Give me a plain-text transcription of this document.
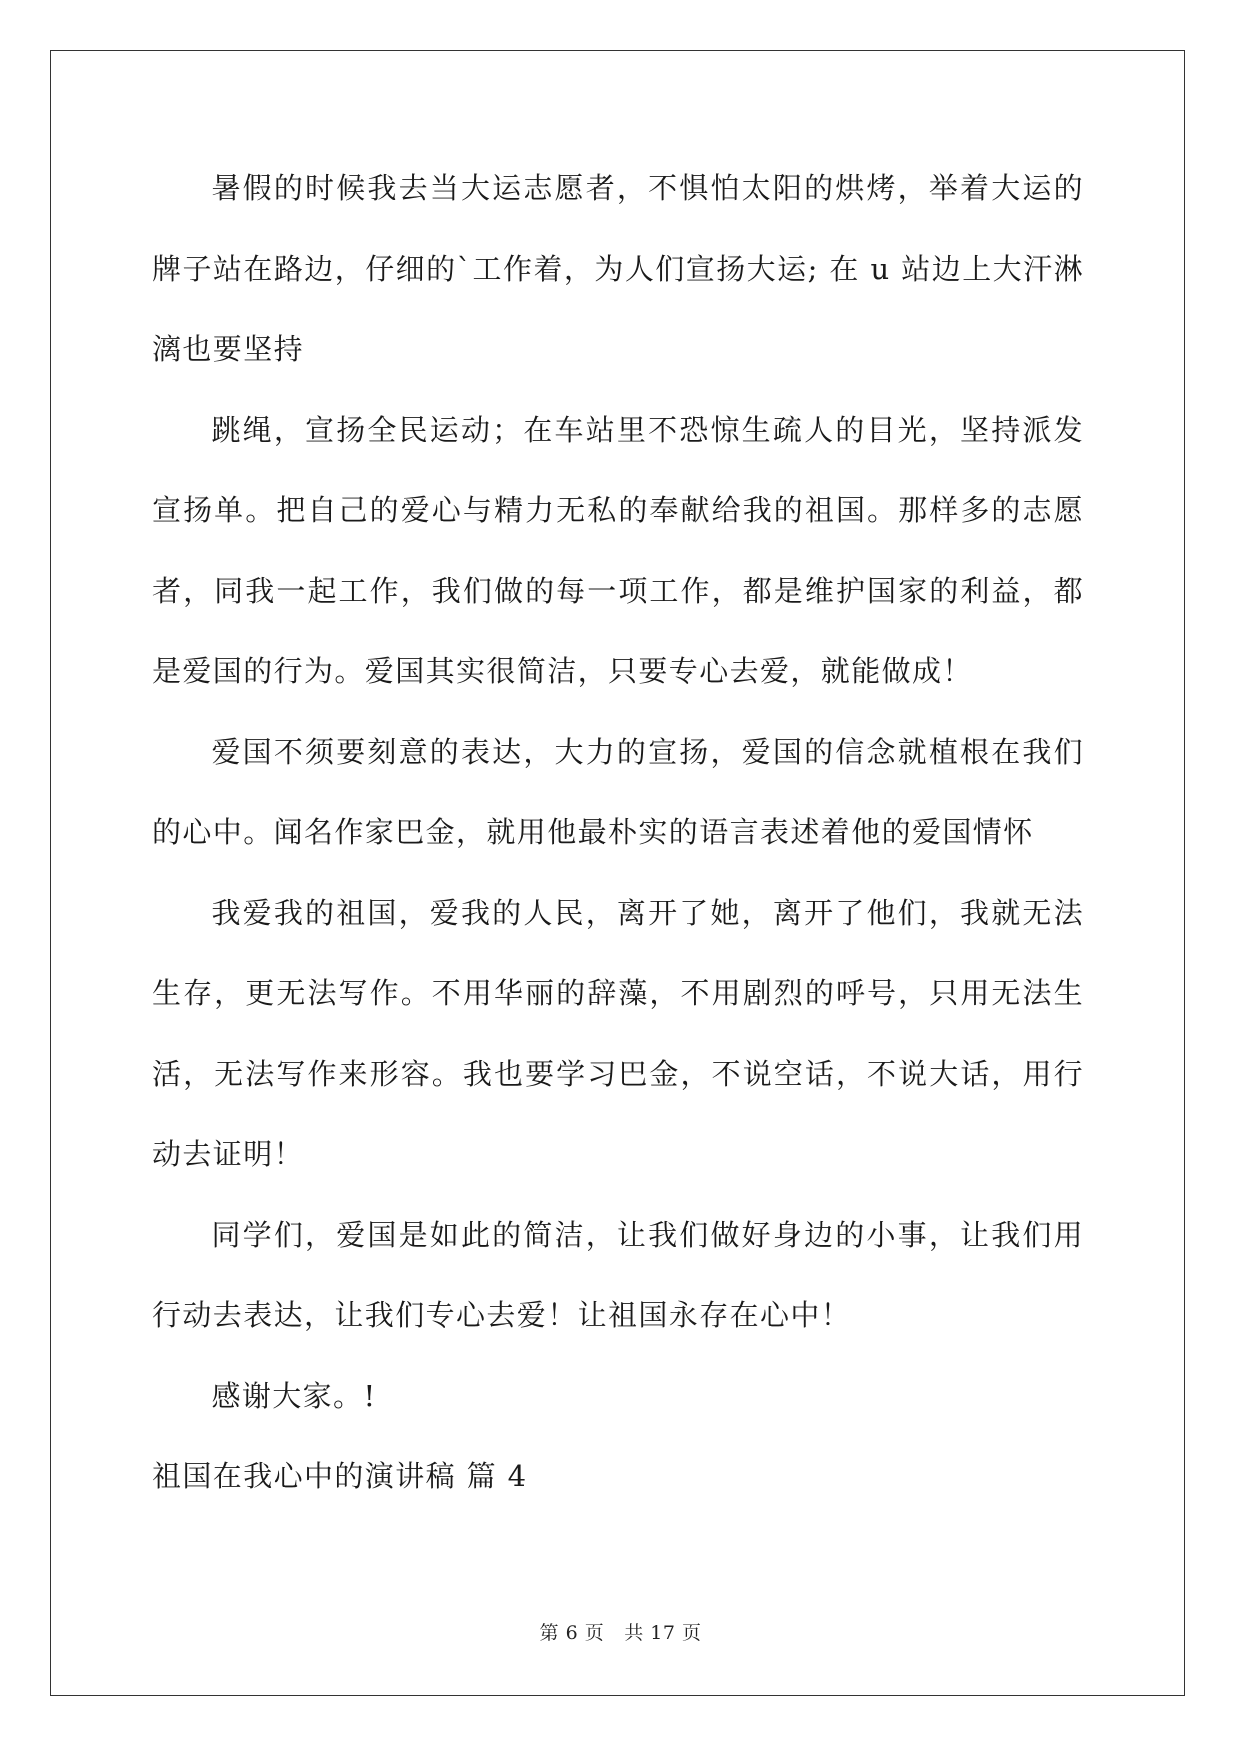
暑假的时候我去当大运志愿者，不惧怕太阳的烘烤，举着大运的牌子站在路边，仔细的`工作着，为人们宣扬大运; 在 u 站边上大汗淋漓也要坚持

跳绳，宣扬全民运动；在车站里不恐惊生疏人的目光，坚持派发宣扬单。把自己的爱心与精力无私的奉献给我的祖国。那样多的志愿者，同我一起工作，我们做的每一项工作，都是维护国家的利益，都是爱国的行为。爱国其实很简洁，只要专心去爱，就能做成！

爱国不须要刻意的表达，大力的宣扬，爱国的信念就植根在我们的心中。闻名作家巴金，就用他最朴实的语言表述着他的爱国情怀

我爱我的祖国，爱我的人民，离开了她，离开了他们，我就无法生存，更无法写作。不用华丽的辞藻，不用剧烈的呼号，只用无法生活，无法写作来形容。我也要学习巴金，不说空话，不说大话，用行动去证明！

同学们，爱国是如此的简洁，让我们做好身边的小事，让我们用行动去表达，让我们专心去爱！让祖国永存在心中！

感谢大家。!

祖国在我心中的演讲稿 篇 4

第 6 页 共 17 页
